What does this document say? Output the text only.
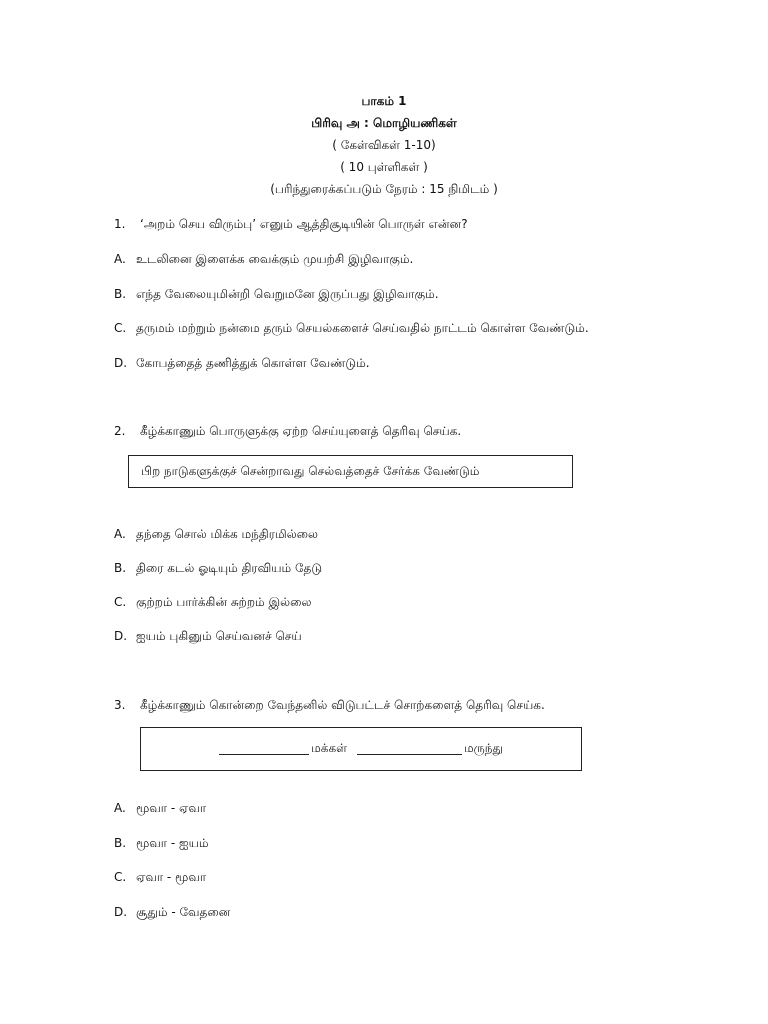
பாகம் 1
பிரிவு அ : மொழியணிகள்
( கேள்விகள் 1-10)
( 10 புள்ளிகள் )
(பரிந்துரைக்கப்படும் நேரம் : 15 நிமிடம் )
1. ‘அறம் செய விரும்பு’ எனும் ஆத்திசூடியின் பொருள் என்ன?
A. உடலினை இளைக்க வைக்கும் முயற்சி இழிவாகும்.
B. எந்த வேலையுமின்றி வெறுமனே இருப்பது இழிவாகும்.
C. தருமம் மற்றும் நன்மை தரும் செயல்களைச் செய்வதில் நாட்டம் கொள்ள வேண்டும்.
D. கோபத்தைத் தணித்துக் கொள்ள வேண்டும்.
2. கீழ்க்காணும் பொருளுக்கு ஏற்ற செய்யுளைத் தெரிவு செய்க.
பிற நாடுகளுக்குச் சென்றாவது செல்வத்தைச் சேர்க்க வேண்டும்
A. தந்தை சொல் மிக்க மந்திரமில்லை
B. திரை கடல் ஓடியும் திரவியம் தேடு
C. குற்றம் பார்க்கின் சுற்றம் இல்லை
D. ஐயம் புகினும் செய்வனச் செய்
3. கீழ்க்காணும் கொன்றை வேந்தனில் விடுபட்டச் சொற்களைத் தெரிவு செய்க.
மக்கள்	மருந்து
A. மூவா - ஏவா
B. மூவா - ஐயம்
C. ஏவா - மூவா
D. சூதும் - வேதனை
